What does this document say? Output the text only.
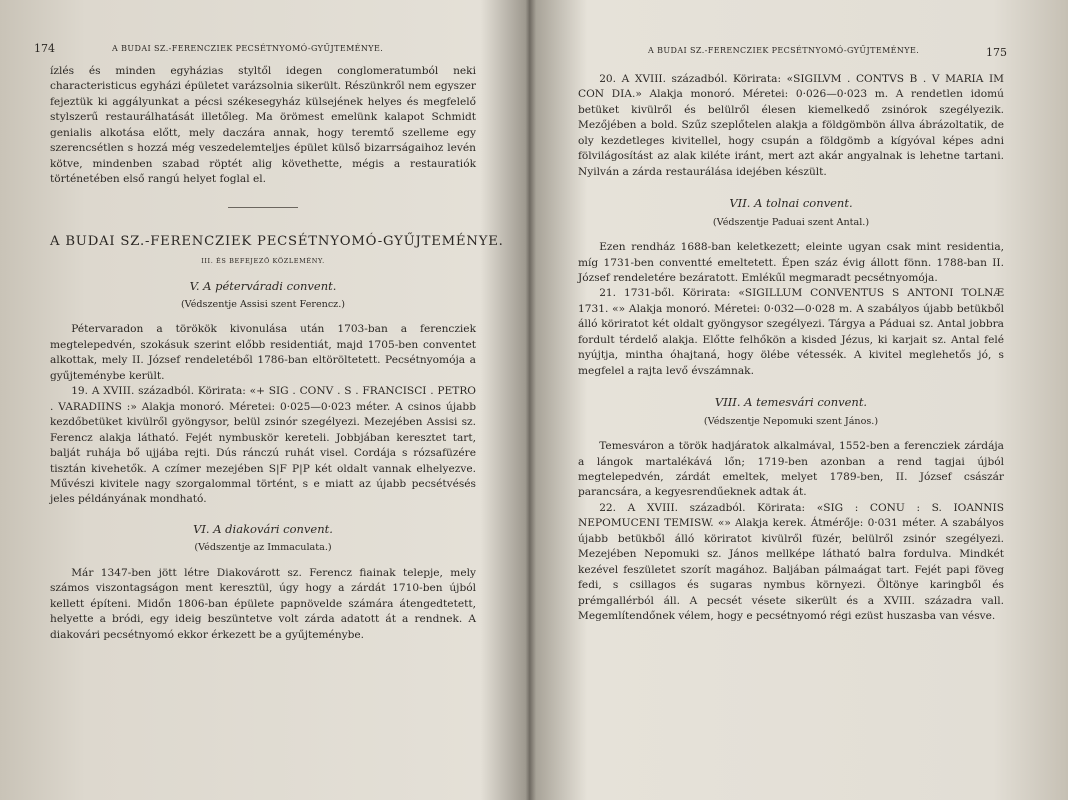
174	A BUDAI SZ.-FERENCZIEK PECSÉTNYOMÓ-GYŰJTEMÉNYE.

ízlés és minden egyházias styltől idegen conglomeratumból neki characteristicus egyházi épületet varázsolnia sikerült. Részünkről nem egyszer fejeztük ki aggályunkat a pécsi székesegyház külsejének helyes és megfelelő stylszerű restaurálhatását illetőleg. Ma örömest emelünk kalapot Schmidt genialis alkotása előtt, mely daczára annak, hogy teremtő szelleme egy szerencsétlen s hozzá még veszedelemteljes épület külső bizarrságaihoz levén kötve, mindenben szabad röptét alig követhette, mégis a restauratiók történetében első rangú helyet foglal el.

A BUDAI SZ.-FERENCZIEK PECSÉTNYOMÓ-GYŰJTEMÉNYE.

III. ÉS BEFEJEZŐ KÖZLEMÉNY.

V. A péterváradi convent.

(Védszentje Assisi szent Ferencz.)

Pétervaradon a törökök kivonulása után 1703-ban a ferencziek megtelepedvén, szokásuk szerint előbb residentiát, majd 1705-ben conventet alkottak, mely II. József rendeletéből 1786-ban eltöröltetett. Pecsétnyomója a gyűjteménybe került.

19. A XVIII. századból. Körirata: «+ SIG . CONV . S . FRANCISCI . PETRO . VARADIINS :» Alakja monoró. Méretei: 0·025—0·023 méter. A csinos újabb kezdőbetüket kivülről gyöngysor, belül zsinór szegélyezi. Mezejében Assisi sz. Ferencz alakja látható. Fejét nymbuskör kereteli. Jobbjában keresztet tart, balját ruhája bő ujjába rejti. Dús ránczú ruhát visel. Cordája s rózsafüzére tisztán kivehetők. A czímer mezejében S|F P|P két oldalt vannak elhelyezve. Művészi kivitele nagy szorgalommal történt, s e miatt az újabb pecsétvésés jeles példányának mondható.

VI. A diakovári convent.

(Védszentje az Immaculata.)

Már 1347-ben jött létre Diakovárott sz. Ferencz fiainak telepje, mely számos viszontagságon ment keresztül, úgy hogy a zárdát 1710-ben újból kellett építeni. Midőn 1806-ban épülete papnövelde számára átengedtetett, helyette a bródi, egy ideig beszüntetve volt zárda adatott át a rendnek. A diakovári pecsétnyomó ekkor érkezett be a gyűjteménybe.

A BUDAI SZ.-FERENCZIEK PECSÉTNYOMÓ-GYŰJTEMÉNYE.	175

20. A XVIII. századból. Körirata: «SIGILVM . CONTVS B . V MARIA IM CON DIA.» Alakja monoró. Méretei: 0·026—0·023 m. A rendetlen idomú betüket kivülről és belülről élesen kiemelkedő zsinórok szegélyezik. Mezőjében a bold. Szűz szeplőtelen alakja a földgömbön állva ábrázoltatik, de oly kezdetleges kivitellel, hogy csupán a földgömb a kígyóval képes adni fölvilágosítást az alak kiléte iránt, mert azt akár angyalnak is lehetne tartani. Nyilván a zárda restaurálása idejében készült.

VII. A tolnai convent.

(Védszentje Paduai szent Antal.)

Ezen rendház 1688-ban keletkezett; eleinte ugyan csak mint residentia, míg 1731-ben conventté emeltetett. Épen száz évig állott fönn. 1788-ban II. József rendeletére bezáratott. Emlékűl megmaradt pecsétnyomója.

21. 1731-ből. Körirata: «SIGILLUM CONVENTUS S ANTONI TOLNÆ 1731. «» Alakja monoró. Méretei: 0·032—0·028 m. A szabályos újabb betükből álló köriratot két oldalt gyöngysor szegélyezi. Tárgya a Páduai sz. Antal jobbra fordult térdelő alakja. Előtte felhőkön a kisded Jézus, ki karjait sz. Antal felé nyújtja, mintha óhajtaná, hogy ölébe vétessék. A kivitel meglehetős jó, s megfelel a rajta levő évszámnak.

VIII. A temesvári convent.

(Védszentje Nepomuki szent János.)

Temesváron a török hadjáratok alkalmával, 1552-ben a ferencziek zárdája a lángok martalékává lőn; 1719-ben azonban a rend tagjai újból megtelepedvén, zárdát emeltek, melyet 1789-ben, II. József császár parancsára, a kegyesrendűeknek adtak át.

22. A XVIII. századból. Körirata: «SIG : CONU : S. IOANNIS NEPOMUCENI TEMISW. «» Alakja kerek. Átmérője: 0·031 méter. A szabályos újabb betükből álló köriratot kivülről füzér, belülről zsinór szegélyezi. Mezejében Nepomuki sz. János mellképe látható balra fordulva. Mindkét kezével feszületet szorít magához. Baljában pálmaágat tart. Fejét papi föveg fedi, s csillagos és sugaras nymbus környezi. Öltönye karingből és prémgallérból áll. A pecsét vésete sikerült és a XVIII. századra vall. Megemlítendőnek vélem, hogy e pecsétnyomó régi ezüst huszasba van vésve.
